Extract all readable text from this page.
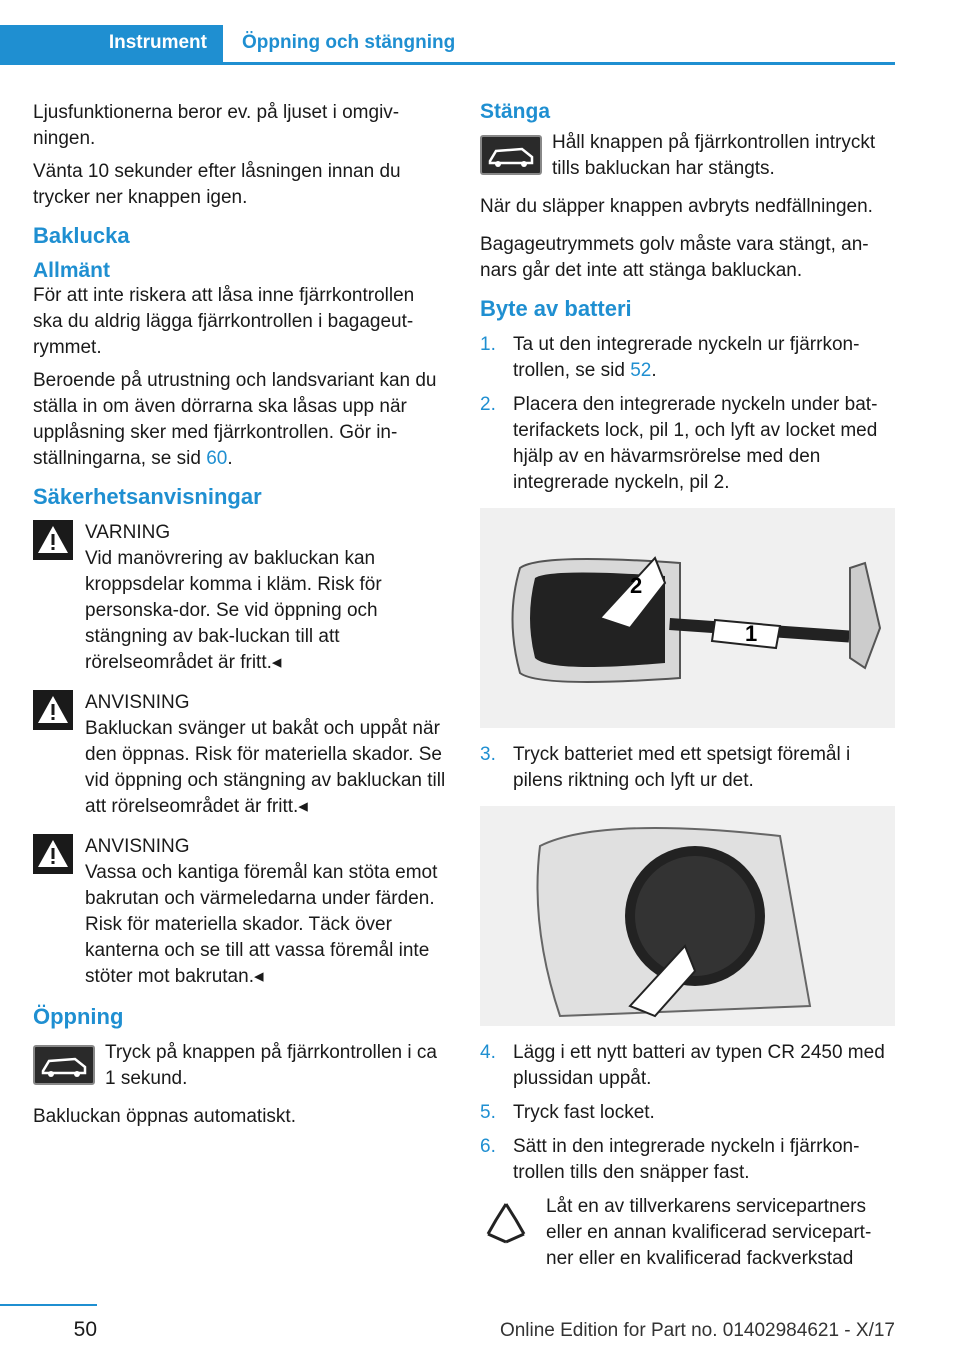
Instrument Öppning och stängning

Ljusfunktionerna beror ev. på ljuset i omgiv-ningen.

Vänta 10 sekunder efter låsningen innan du trycker ner knappen igen.

Baklucka
Allmänt

För att inte riskera att låsa inne fjärrkontrollen ska du aldrig lägga fjärrkontrollen i bagageut-rymmet.

Beroende på utrustning och landsvariant kan du ställa in om även dörrarna ska låsas upp när upplåsning sker med fjärrkontrollen. Gör in-ställningarna, se sid 60.

Säkerhetsanvisningar
VARNING
Vid manövrering av bakluckan kan kroppsdelar komma i kläm. Risk för personska-dor. Se vid öppning och stängning av bak-luckan till att rörelseområdet är fritt.◂
ANVISNING
Bakluckan svänger ut bakåt och uppåt när den öppnas. Risk för materiella skador. Se vid öppning och stängning av bakluckan till att rörelseområdet är fritt.◂
ANVISNING
Vassa och kantiga föremål kan stöta emot bakrutan och värmeledarna under färden. Risk för materiella skador. Täck över kanterna och se till att vassa föremål inte stöter mot bakrutan.◂
Öppning
Tryck på knappen på fjärrkontrollen i ca 1 sekund.

Bakluckan öppnas automatiskt.

Stänga
Håll knappen på fjärrkontrollen intryckt tills bakluckan har stängts.

När du släpper knappen avbryts nedfällningen.

Bagageutrymmets golv måste vara stängt, an-nars går det inte att stänga bakluckan.

Byte av batteri
1. Ta ut den integrerade nyckeln ur fjärrkon-trollen, se sid 52.
2. Placera den integrerade nyckeln under bat-terifackets lock, pil 1, och lyft av locket med hjälp av en hävarmsrörelse med den integrerade nyckeln, pil 2.
2
1
3. Tryck batteriet med ett spetsigt föremål i pilens riktning och lyft ur det.
4. Lägg i ett nytt batteri av typen CR 2450 med plussidan uppåt.
5. Tryck fast locket.
6. Sätt in den integrerade nyckeln i fjärrkon-trollen tills den snäpper fast.
Låt en av tillverkarens servicepartners eller en annan kvalificerad servicepart-ner eller en kvalificerad fackverkstad
50	Online Edition for Part no. 01402984621 - X/17
